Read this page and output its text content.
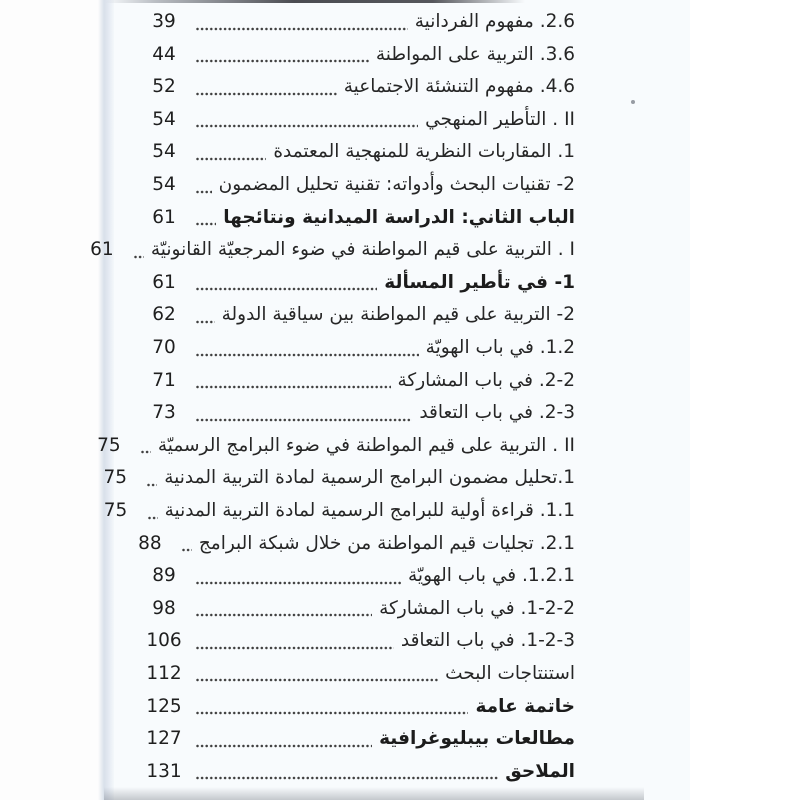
2.6. مفهوم الفردانية
39
3.6. التربية على المواطنة
44
4.6. مفهوم التنشئة الاجتماعية
52
II . التأطير المنهجي
54
1. المقاربات النظرية للمنهجية المعتمدة
54
2- تقنيات البحث وأدواته: تقنية تحليل المضمون
54
الباب الثاني: الدراسة الميدانية ونتائجها
61
I . التربية على قيم المواطنة في ضوء المرجعيّة القانونيّة
61
1- في تأطير المسألة
61
2- التربية على قيم المواطنة بين سياقية الدولة
62
1.2. في باب الهويّة
70
2-2. في باب المشاركة
71
2-3. في باب التعاقد
73
II . التربية على قيم المواطنة في ضوء البرامج الرسميّة
75
1.تحليل مضمون البرامج الرسمية لمادة التربية المدنية
75
1.1. قراءة أولية للبرامج الرسمية لمادة التربية المدنية
75
2.1. تجليات قيم المواطنة من خلال شبكة البرامج
88
1.2.1. في باب الهويّة
89
1-2-2. في باب المشاركة
98
1-2-3. في باب التعاقد
106
استنتاجات البحث
112
خاتمة عامة
125
مطالعات بيبليوغرافية
127
الملاحق
131
